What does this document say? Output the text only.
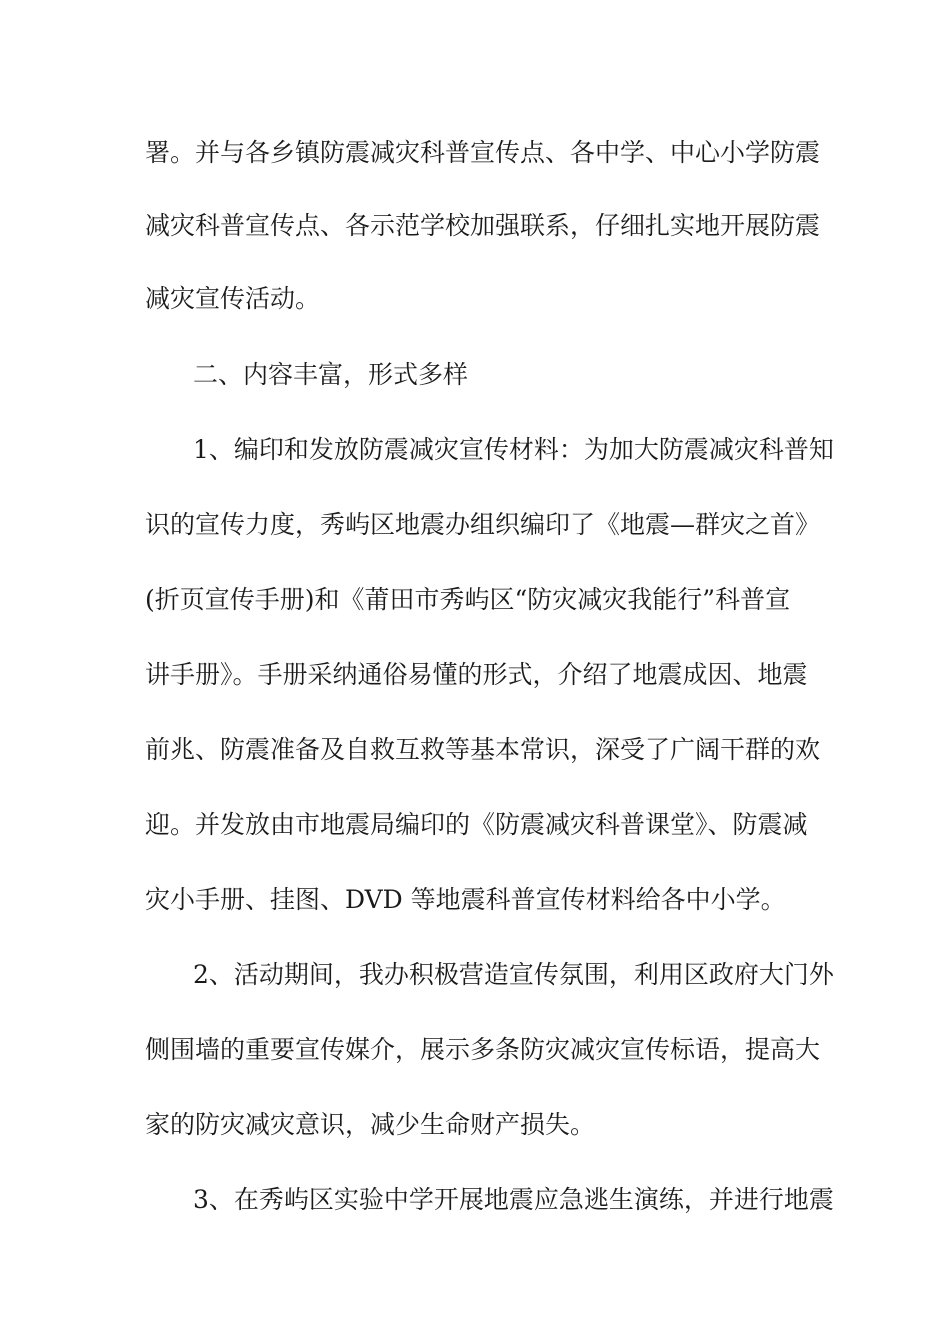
署。并与各乡镇防震减灾科普宣传点、各中学、中心小学防震
减灾科普宣传点、各示范学校加强联系，仔细扎实地开展防震
减灾宣传活动。
二、内容丰富，形式多样
1、编印和发放防震减灾宣传材料：为加大防震减灾科普知
识的宣传力度，秀屿区地震办组织编印了《地震—群灾之首》
(折页宣传手册)和《莆田市秀屿区“防灾减灾我能行”科普宣
讲手册》。手册采纳通俗易懂的形式，介绍了地震成因、地震
前兆、防震准备及自救互救等基本常识，深受了广阔干群的欢
迎。并发放由市地震局编印的《防震减灾科普课堂》、防震减
灾小手册、挂图、DVD 等地震科普宣传材料给各中小学。
2、活动期间，我办积极营造宣传氛围，利用区政府大门外
侧围墙的重要宣传媒介，展示多条防灾减灾宣传标语，提高大
家的防灾减灾意识，减少生命财产损失。
3、在秀屿区实验中学开展地震应急逃生演练，并进行地震
